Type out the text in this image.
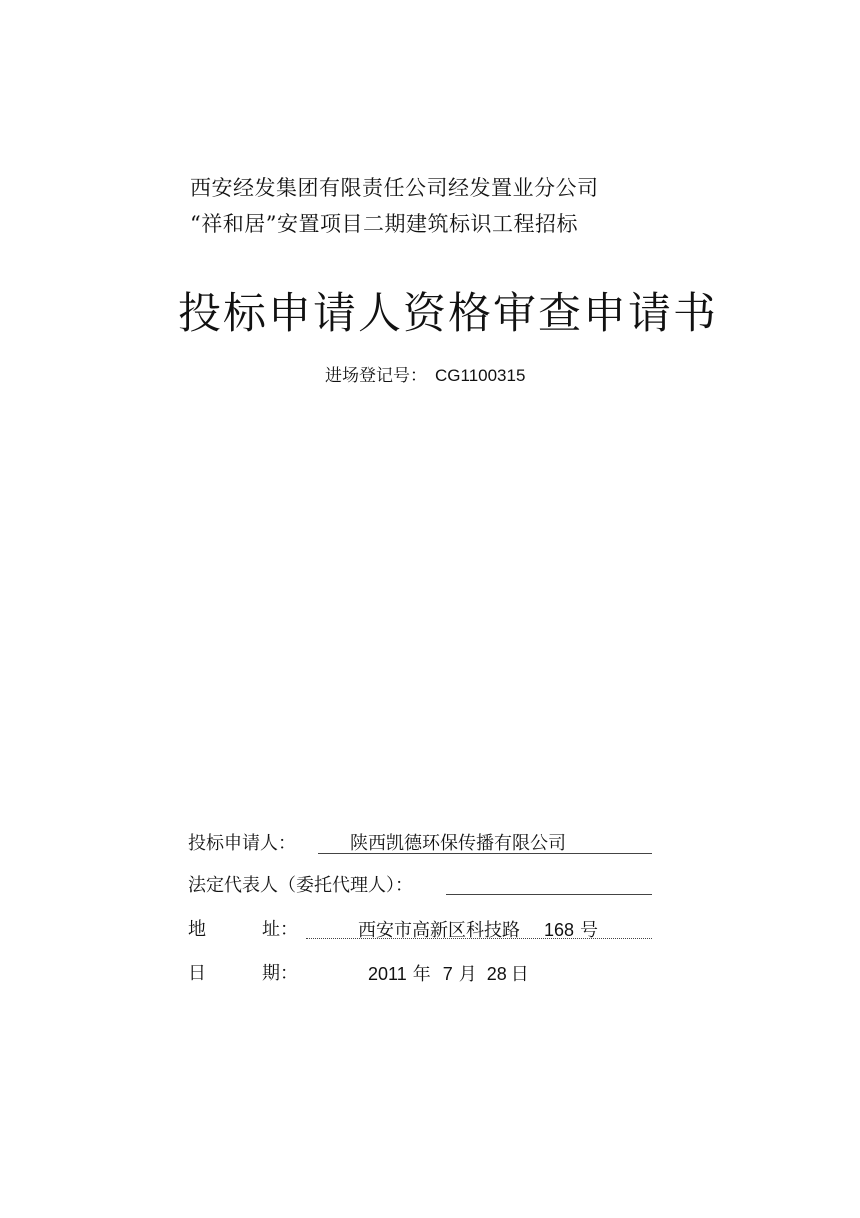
西安经发集团有限责任公司经发置业分公司
“祥和居”安置项目二期建筑标识工程招标
投标申请人资格审查申请书
进场登记号： CG1100315
投标申请人：	陕西凯德环保传播有限公司
法定代表人（委托代理人）：
地	址：	西安市高新区科技路 168 号
日	期：	2011 年 7 月 28 日
